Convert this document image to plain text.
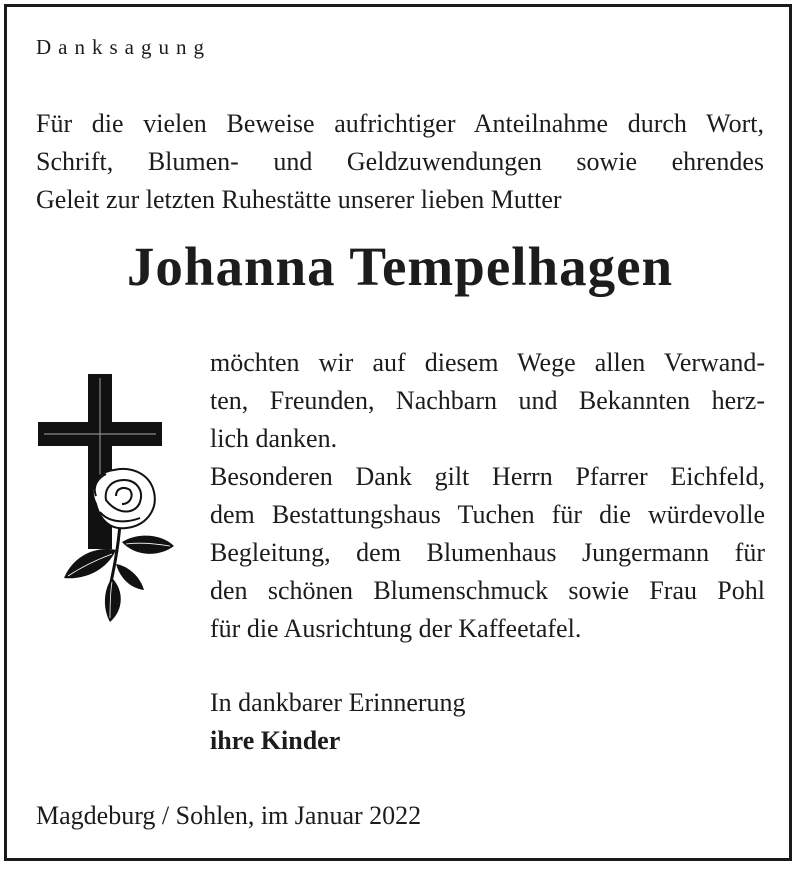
Danksagung
Für die vielen Beweise aufrichtiger Anteilnahme durch Wort,
Schrift, Blumen- und Geldzuwendungen sowie ehrendes
Geleit zur letzten Ruhestätte unserer lieben Mutter
Johanna Tempelhagen
möchten wir auf diesem Wege allen Verwand-
ten, Freunden, Nachbarn und Bekannten herz-
lich danken.
Besonderen Dank gilt Herrn Pfarrer Eichfeld,
dem Bestattungshaus Tuchen für die würdevolle
Begleitung, dem Blumenhaus Jungermann für
den schönen Blumenschmuck sowie Frau Pohl
für die Ausrichtung der Kaffeetafel.
In dankbarer Erinnerung
ihre Kinder
Magdeburg / Sohlen, im Januar 2022
